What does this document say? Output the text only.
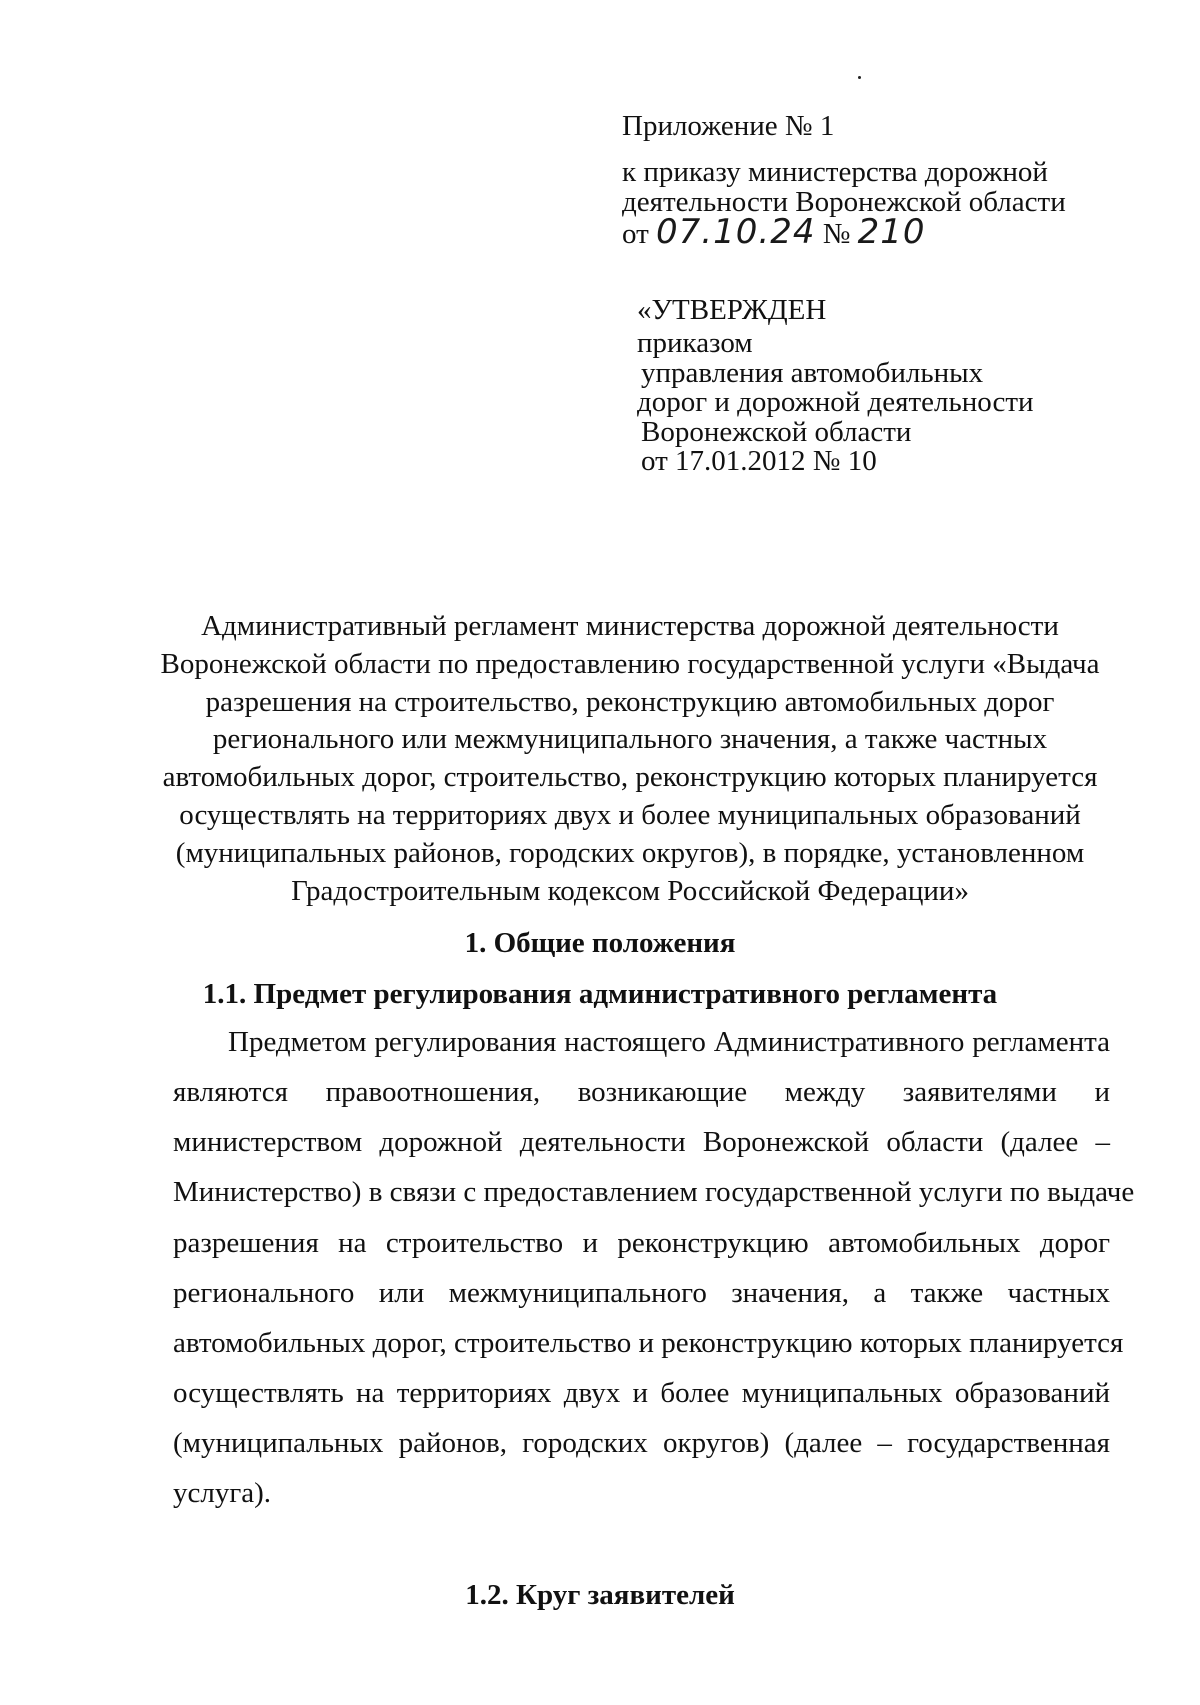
Приложение № 1
к приказу министерства дорожной
деятельности Воронежской области
от 07.10.24 № 210
«УТВЕРЖДЕН
приказом
управления автомобильных
дорог и дорожной деятельности
Воронежской области
от 17.01.2012 № 10
Административный регламент министерства дорожной деятельности
Воронежской области по предоставлению государственной услуги «Выдача
разрешения на строительство, реконструкцию автомобильных дорог
регионального или межмуниципального значения, а также частных
автомобильных дорог, строительство, реконструкцию которых планируется
осуществлять на территориях двух и более муниципальных образований
(муниципальных районов, городских округов), в порядке, установленном
Градостроительным кодексом Российской Федерации»
1. Общие положения
1.1. Предмет регулирования административного регламента
Предметом регулирования настоящего Административного регламента
являются правоотношения, возникающие между заявителями и
министерством дорожной деятельности Воронежской области (далее –
Министерство) в связи с предоставлением государственной услуги по выдаче
разрешения на строительство и реконструкцию автомобильных дорог
регионального или межмуниципального значения, а также частных
автомобильных дорог, строительство и реконструкцию которых планируется
осуществлять на территориях двух и более муниципальных образований
(муниципальных районов, городских округов) (далее – государственная
услуга).
1.2. Круг заявителей
